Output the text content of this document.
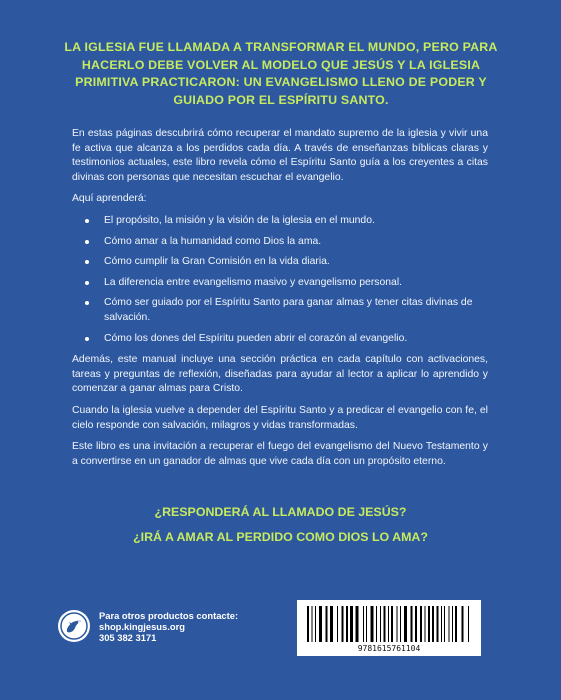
LA IGLESIA FUE LLAMADA A TRANSFORMAR EL MUNDO, PERO PARA HACERLO DEBE VOLVER AL MODELO QUE JESÚS Y LA IGLESIA PRIMITIVA PRACTICARON: UN EVANGELISMO LLENO DE PODER Y GUIADO POR EL ESPÍRITU SANTO.

En estas páginas descubrirá cómo recuperar el mandato supremo de la iglesia y vivir una fe activa que alcanza a los perdidos cada día. A través de enseñanzas bíblicas claras y testimonios actuales, este libro revela cómo el Espíritu Santo guía a los creyentes a citas divinas con personas que necesitan escuchar el evangelio.

Aquí aprenderá:

El propósito, la misión y la visión de la iglesia en el mundo.
Cómo amar a la humanidad como Dios la ama.
Cómo cumplir la Gran Comisión en la vida diaria.
La diferencia entre evangelismo masivo y evangelismo personal.
Cómo ser guiado por el Espíritu Santo para ganar almas y tener citas divinas de salvación.
Cómo los dones del Espíritu pueden abrir el corazón al evangelio.

Además, este manual incluye una sección práctica en cada capítulo con activaciones, tareas y preguntas de reflexión, diseñadas para ayudar al lector a aplicar lo aprendido y comenzar a ganar almas para Cristo.

Cuando la iglesia vuelve a depender del Espíritu Santo y a predicar el evangelio con fe, el cielo responde con salvación, milagros y vidas transformadas.

Este libro es una invitación a recuperar el fuego del evangelismo del Nuevo Testamento y a convertirse en un ganador de almas que vive cada día con un propósito eterno.

¿RESPONDERÁ AL LLAMADO DE JESÚS?
¿IRÁ A AMAR AL PERDIDO COMO DIOS LO AMA?
Para otros productos contacte:
shop.kingjesus.org
305 382 3171
9781615761104
